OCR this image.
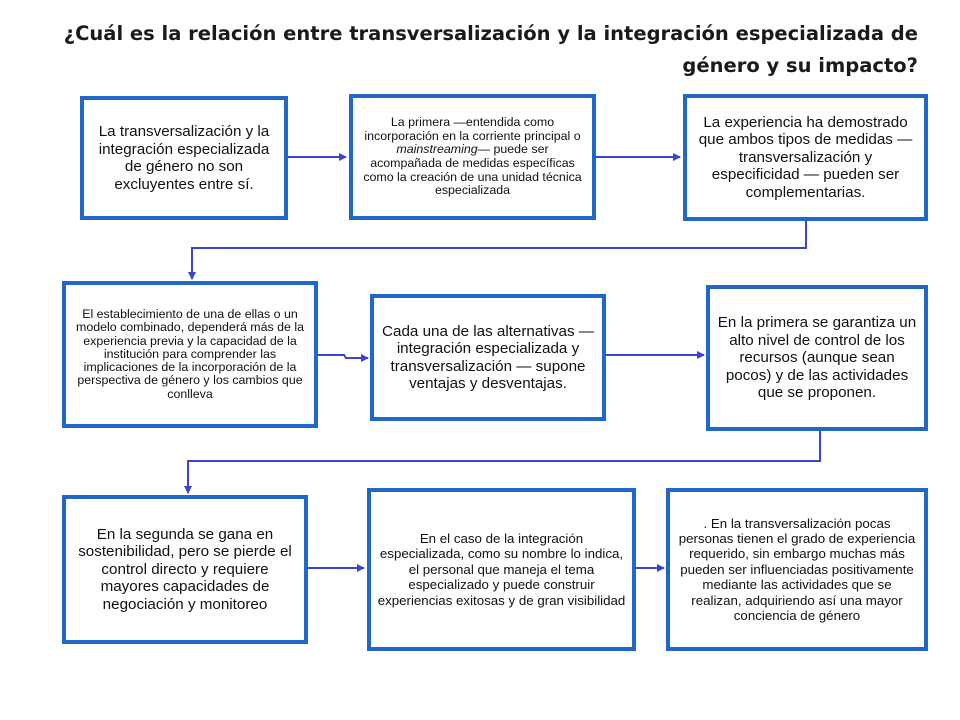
¿Cuál es la relación entre transversalización y la integración especializada de género y su impacto?
La transversalización y la integración especializada de género no son excluyentes entre sí.
La primera —entendida como incorporación en la corriente principal o mainstreaming— puede ser acompañada de medidas específicas como la creación de una unidad técnica especializada
La experiencia ha demostrado que ambos tipos de medidas — transversalización y especificidad — pueden ser complementarias.
El establecimiento de una de ellas o un modelo combinado, dependerá más de la experiencia previa y la capacidad de la institución para comprender las implicaciones de la incorporación de la perspectiva de género y los cambios que conlleva
Cada una de las alternativas —integración especializada y transversalización — supone ventajas y desventajas.
En la primera se garantiza un alto nivel de control de los recursos (aunque sean pocos) y de las actividades que se proponen.
En la segunda se gana en sostenibilidad, pero se pierde el control directo y requiere mayores capacidades de negociación y monitoreo
En el caso de la integración especializada, como su nombre lo indica, el personal que maneja el tema especializado y puede construir experiencias exitosas y de gran visibilidad
. En la transversalización pocas personas tienen el grado de experiencia requerido, sin embargo muchas más pueden ser influenciadas positivamente mediante las actividades que se realizan, adquiriendo así una mayor conciencia de género
